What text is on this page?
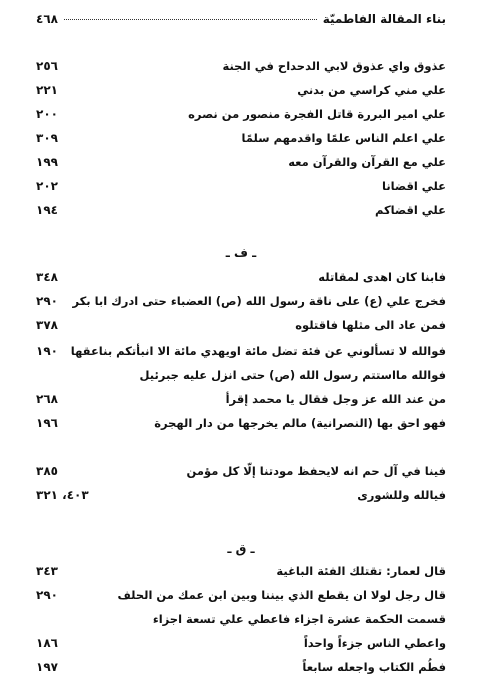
بناء المقالة الفاطميّة
٤٦٨
عذوق واي عذوق لابي الدحداح في الجنة
٢٥٦
علي مني كراسي من بدني
٢٢١
علي امير البررة قاتل الفجرة منصور من نصره
٢٠٠
علي اعلم الناس علمًا واقدمهم سلمًا
٣٠٩
علي مع القرآن والقرآن معه
١٩٩
علي اقضانا
٢٠٢
علي اقضاكم
١٩٤
ـ ف ـ
فابنا كان اهدى لمقاتله
٣٤٨
فخرج علي (ع) على ناقة رسول الله (ص) العضباء حتى ادرك ابا بكر
٢٩٠
فمن عاد الى مثلها فاقتلوه
٣٧٨
فوالله لا تسألوني عن فئة تضل مائة اويهدي مائة الا انبأتكم بناعقها
١٩٠
فوالله مااستتم رسول الله (ص) حتى انزل عليه جبرئيل
من عند الله عز وجل فقال يا محمد إقرأ
٢٦٨
فهو احق بها (النصرانية) مالم يخرجها من دار الهجرة
١٩٦
فينا في آل حم انه لايحفظ مودتنا إلّا كل مؤمن
٣٨٥
فيالله وللشورى
٤٠٣، ٣٢١
ـ ق ـ
قال لعمار: تقتلك الفئة الباغية
٣٤٣
قال رجل لولا ان يقطع الذي بيننا وبين ابن عمك من الحلف
٢٩٠
قسمت الحكمة عشرة اجزاء فاعطي علي تسعة اجزاء
واعطي الناس جزءاً واحداً
١٨٦
فطُم الكتاب واجعله سابعاً
١٩٧
